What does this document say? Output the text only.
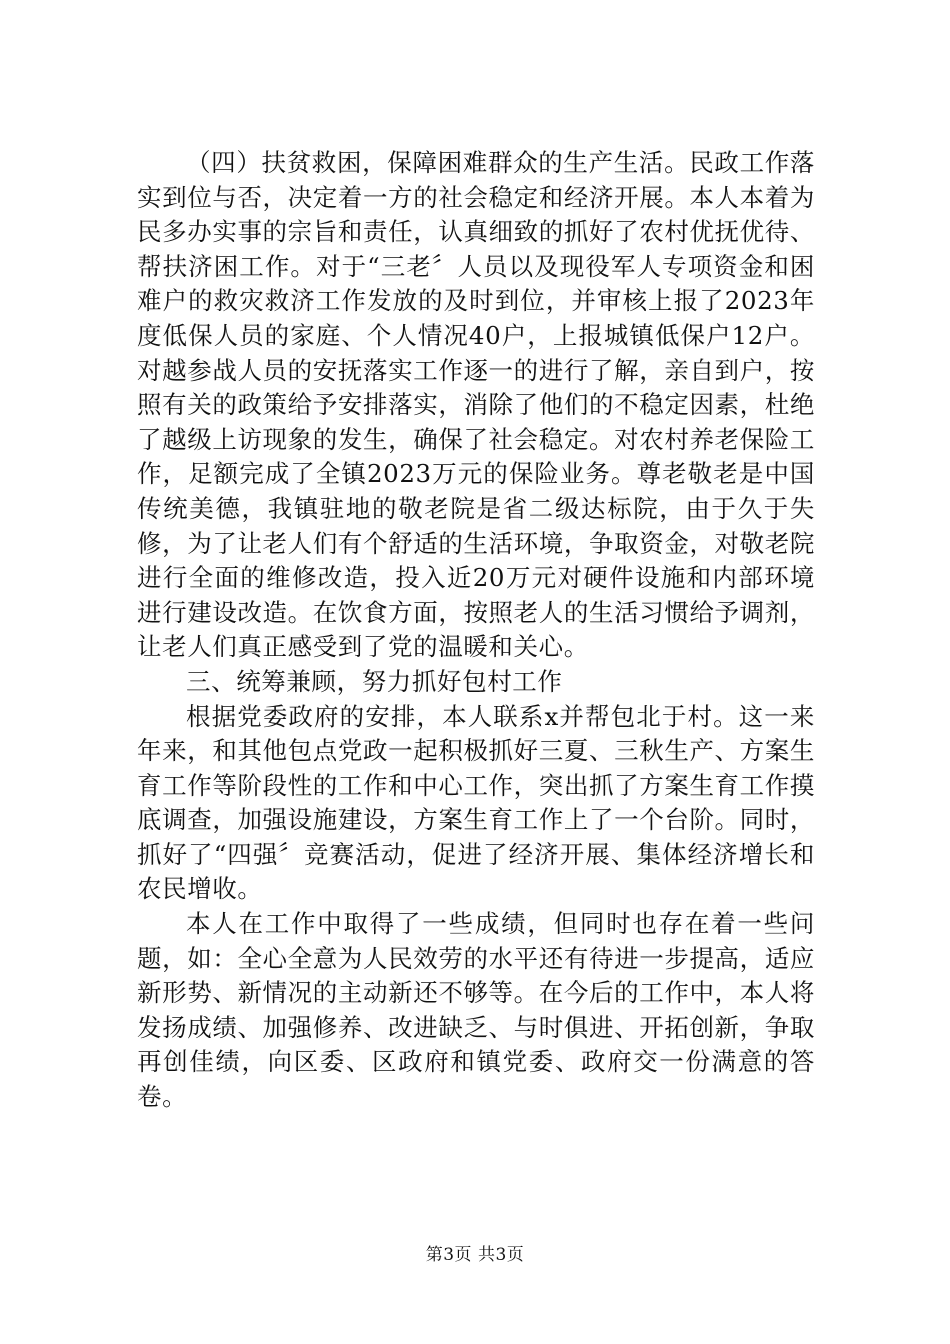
（四）扶贫救困，保障困难群众的生产生活。民政工作落实到位与否，决定着一方的社会稳定和经济开展。本人本着为民多办实事的宗旨和责任，认真细致的抓好了农村优抚优待、帮扶济困工作。对于“三老〞人员以及现役军人专项资金和困难户的救灾救济工作发放的及时到位，并审核上报了2023年度低保人员的家庭、个人情况40户，上报城镇低保户12户。对越参战人员的安抚落实工作逐一的进行了解，亲自到户，按照有关的政策给予安排落实，消除了他们的不稳定因素，杜绝了越级上访现象的发生，确保了社会稳定。对农村养老保险工作，足额完成了全镇2023万元的保险业务。尊老敬老是中国传统美德，我镇驻地的敬老院是省二级达标院，由于久于失修，为了让老人们有个舒适的生活环境，争取资金，对敬老院进行全面的维修改造，投入近20万元对硬件设施和内部环境进行建设改造。在饮食方面，按照老人的生活习惯给予调剂，让老人们真正感受到了党的温暖和关心。

三、统筹兼顾，努力抓好包村工作

根据党委政府的安排，本人联系x并帮包北于村。这一来年来，和其他包点党政一起积极抓好三夏、三秋生产、方案生育工作等阶段性的工作和中心工作，突出抓了方案生育工作摸底调查，加强设施建设，方案生育工作上了一个台阶。同时，抓好了“四强〞竞赛活动，促进了经济开展、集体经济增长和农民增收。

本人在工作中取得了一些成绩，但同时也存在着一些问题，如：全心全意为人民效劳的水平还有待进一步提高，适应新形势、新情况的主动新还不够等。在今后的工作中，本人将发扬成绩、加强修养、改进缺乏、与时俱进、开拓创新，争取再创佳绩，向区委、区政府和镇党委、政府交一份满意的答卷。

第3页 共3页
